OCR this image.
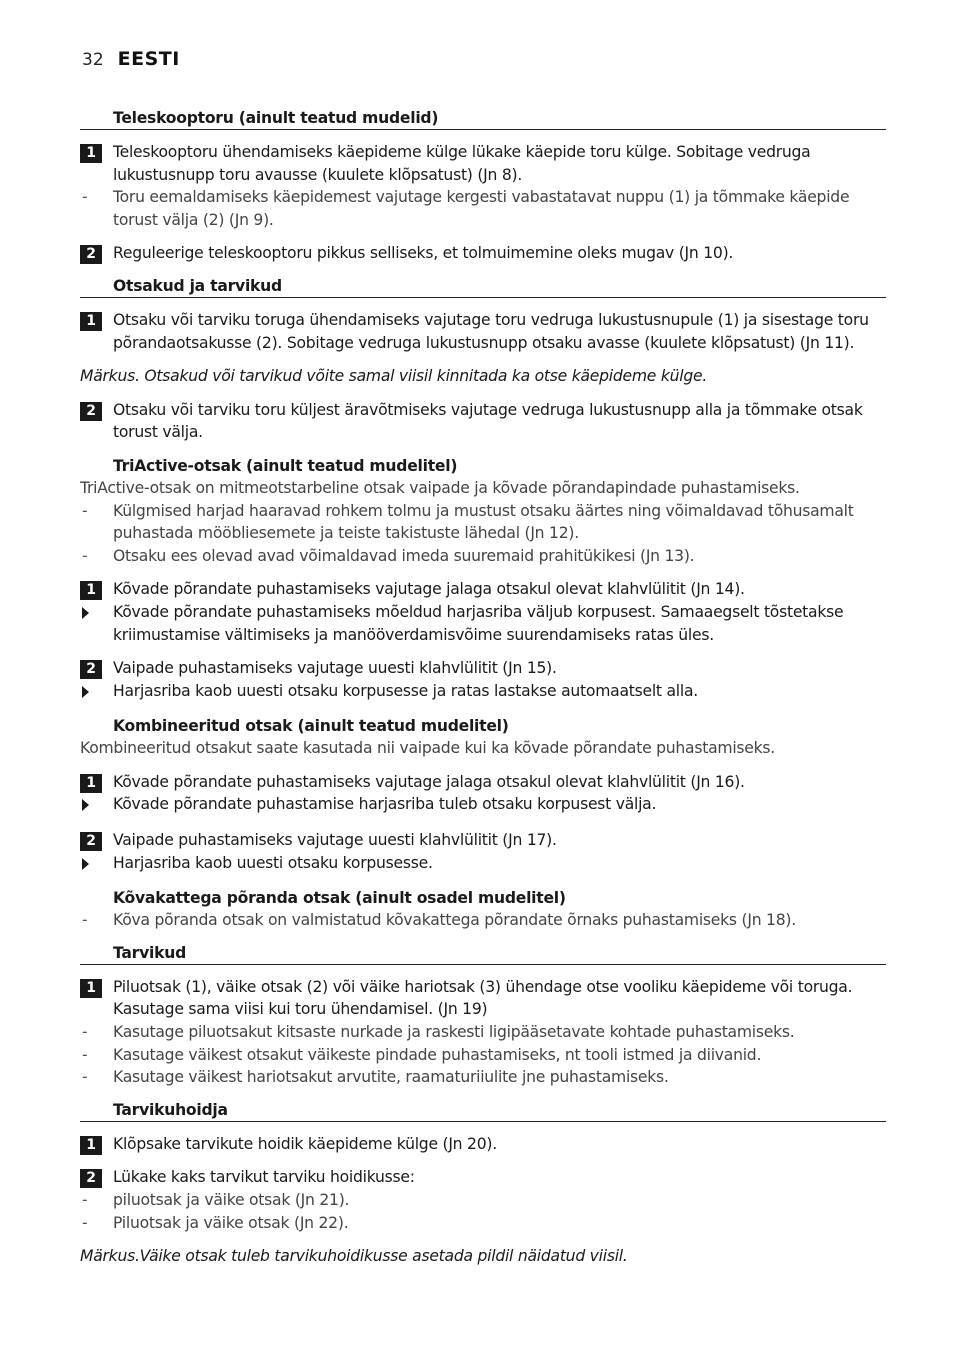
32 EESTI
Teleskooptoru (ainult teatud mudelid)
1	Teleskooptoru ühendamiseks käepideme külge lükake käepide toru külge. Sobitage vedruga lukustusnupp toru avausse (kuulete klõpsatust) (Jn 8).
-	Toru eemaldamiseks käepidemest vajutage kergesti vabastatavat nuppu (1) ja tõmmake käepide torust välja (2) (Jn 9).
2	Reguleerige teleskooptoru pikkus selliseks, et tolmuimemine oleks mugav (Jn 10).
Otsakud ja tarvikud
1	Otsaku või tarviku toruga ühendamiseks vajutage toru vedruga lukustusnupule (1) ja sisestage toru põrandaotsakusse (2). Sobitage vedruga lukustusnupp otsaku avasse (kuulete klõpsatust) (Jn 11).
Märkus. Otsakud või tarvikud võite samal viisil kinnitada ka otse käepideme külge.
2	Otsaku või tarviku toru küljest äravõtmiseks vajutage vedruga lukustusnupp alla ja tõmmake otsak torust välja.
TriActive-otsak (ainult teatud mudelitel)
TriActive-otsak on mitmeotstarbeline otsak vaipade ja kõvade põrandapindade puhastamiseks.
-	Külgmised harjad haaravad rohkem tolmu ja mustust otsaku äärtes ning võimaldavad tõhusamalt puhastada mööbliesemete ja teiste takistuste lähedal (Jn 12).
-	Otsaku ees olevad avad võimaldavad imeda suuremaid prahitükikesi (Jn 13).
1	Kõvade põrandate puhastamiseks vajutage jalaga otsakul olevat klahvlülitit (Jn 14).
Kõvade põrandate puhastamiseks mõeldud harjasriba väljub korpusest. Samaaegselt tõstetakse kriimustamise vältimiseks ja manööverdamisvõime suurendamiseks ratas üles.
2	Vaipade puhastamiseks vajutage uuesti klahvlülitit (Jn 15).
Harjasriba kaob uuesti otsaku korpusesse ja ratas lastakse automaatselt alla.
Kombineeritud otsak (ainult teatud mudelitel)
Kombineeritud otsakut saate kasutada nii vaipade kui ka kõvade põrandate puhastamiseks.
1	Kõvade põrandate puhastamiseks vajutage jalaga otsakul olevat klahvlülitit (Jn 16).
Kõvade põrandate puhastamise harjasriba tuleb otsaku korpusest välja.
2	Vaipade puhastamiseks vajutage uuesti klahvlülitit (Jn 17).
Harjasriba kaob uuesti otsaku korpusesse.
Kõvakattega põranda otsak (ainult osadel mudelitel)
-	Kõva põranda otsak on valmistatud kõvakattega põrandate õrnaks puhastamiseks (Jn 18).
Tarvikud
1	Piluotsak (1), väike otsak (2) või väike hariotsak (3) ühendage otse vooliku käepideme või toruga. Kasutage sama viisi kui toru ühendamisel. (Jn 19)
-	Kasutage piluotsakut kitsaste nurkade ja raskesti ligipääsetavate kohtade puhastamiseks.
-	Kasutage väikest otsakut väikeste pindade puhastamiseks, nt tooli istmed ja diivanid.
-	Kasutage väikest hariotsakut arvutite, raamaturiiulite jne puhastamiseks.
Tarvikuhoidja
1	Klõpsake tarvikute hoidik käepideme külge (Jn 20).
2	Lükake kaks tarvikut tarviku hoidikusse:
-	piluotsak ja väike otsak (Jn 21).
-	Piluotsak ja väike otsak (Jn 22).
Märkus.Väike otsak tuleb tarvikuhoidikusse asetada pildil näidatud viisil.
